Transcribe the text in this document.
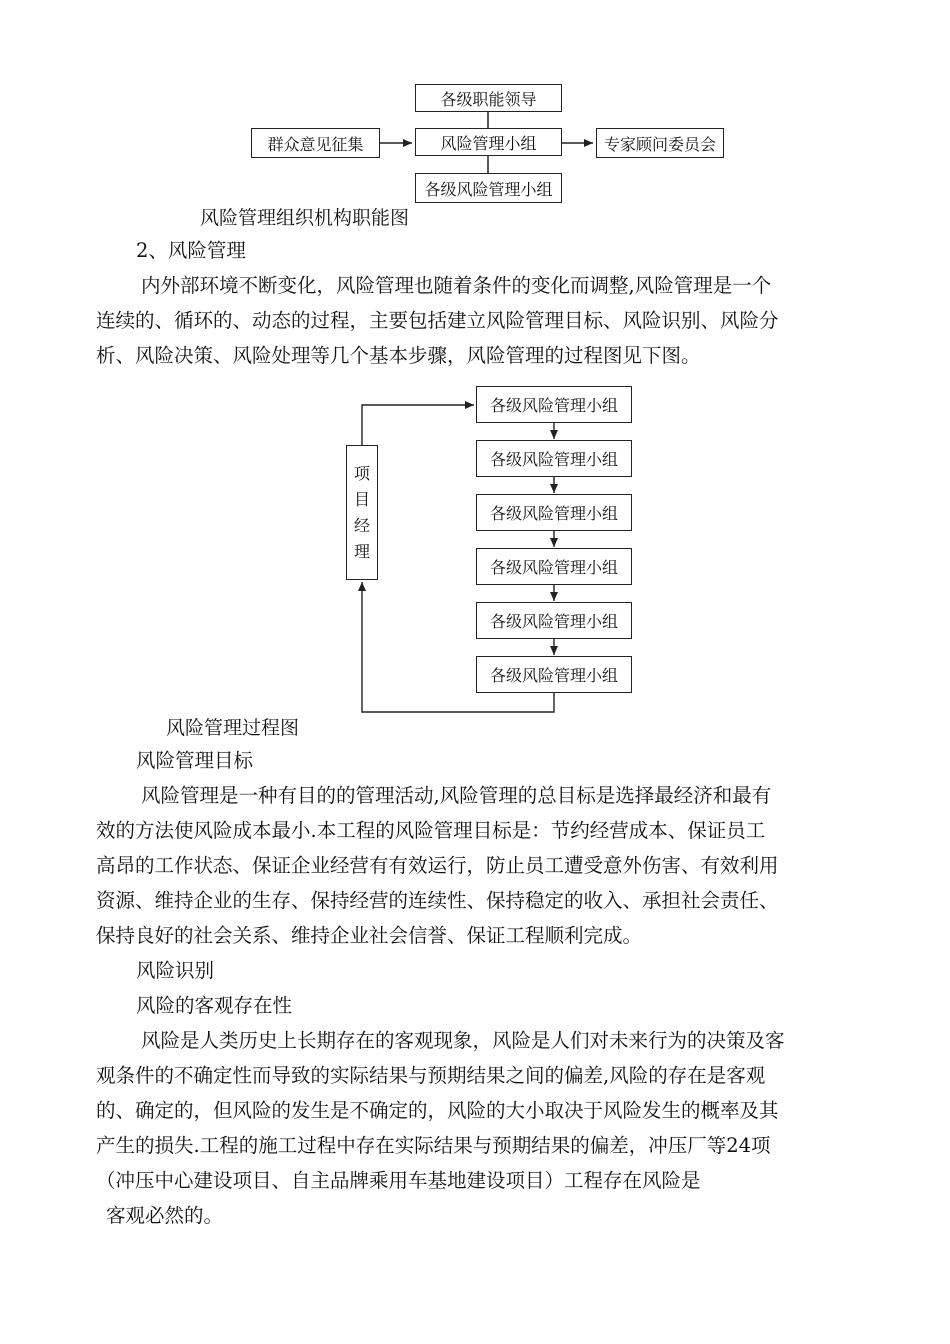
各级职能领导
群众意见征集	风险管理小组	专家顾问委员会
各级风险管理小组
风险管理组织机构职能图
2、风险管理
内外部环境不断变化，风险管理也随着条件的变化而调整,风险管理是一个
连续的、循环的、动态的过程，主要包括建立风险管理目标、风险识别、风险分
析、风险决策、风险处理等几个基本步骤，风险管理的过程图见下图。
各级风险管理小组
各级风险管理小组
各级风险管理小组
各级风险管理小组
各级风险管理小组
各级风险管理小组
项
目
经
理
风险管理过程图
风险管理目标
风险管理是一种有目的的管理活动,风险管理的总目标是选择最经济和最有
效的方法使风险成本最小.本工程的风险管理目标是：节约经营成本、保证员工
高昂的工作状态、保证企业经营有有效运行，防止员工遭受意外伤害、有效利用
资源、维持企业的生存、保持经营的连续性、保持稳定的收入、承担社会责任、
保持良好的社会关系、维持企业社会信誉、保证工程顺利完成。
风险识别
风险的客观存在性
风险是人类历史上长期存在的客观现象，风险是人们对未来行为的决策及客
观条件的不确定性而导致的实际结果与预期结果之间的偏差,风险的存在是客观
的、确定的，但风险的发生是不确定的，风险的大小取决于风险发生的概率及其
产生的损失.工程的施工过程中存在实际结果与预期结果的偏差，冲压厂等24项
（冲压中心建设项目、自主品牌乘用车基地建设项目）工程存在风险是
客观必然的。
